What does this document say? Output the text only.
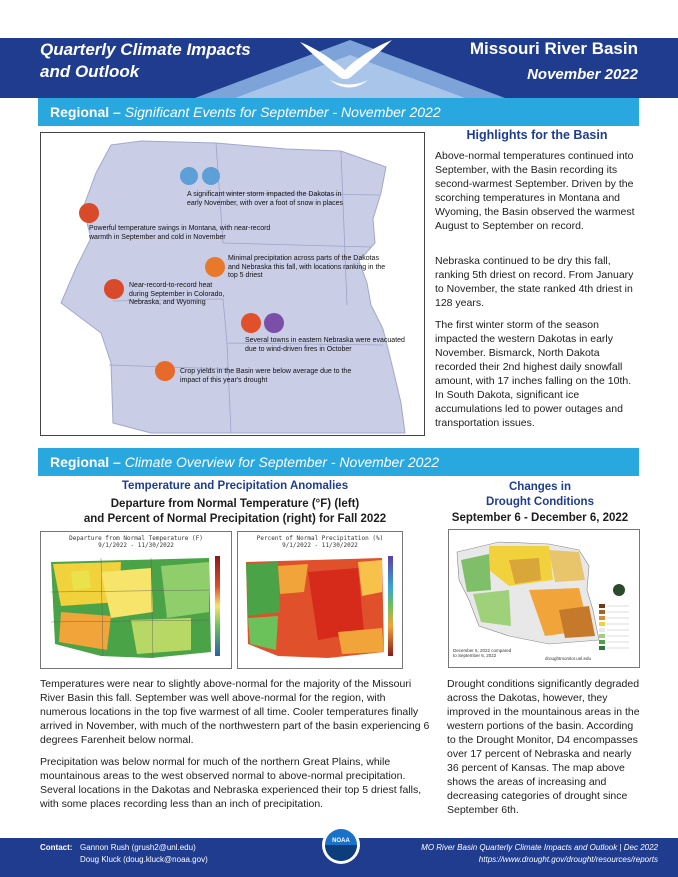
Quarterly Climate Impacts
and Outlook
Missouri River Basin
November 2022
Regional – Significant Events for September - November 2022
A significant winter storm impacted the Dakotas in early November, with over a foot of snow in places
Powerful temperature swings in Montana, with near-record warmth in September and cold in November
Minimal precipitation across parts of the Dakotas and Nebraska this fall, with locations ranking in the top 5 driest
Near-record-to-record heat during September in Colorado, Nebraska, and Wyoming
Several towns in eastern Nebraska were evacuated due to wind-driven fires in October
Crop yields in the Basin were below average due to the impact of this year's drought
Highlights for the Basin
Above-normal temperatures continued into September, with the Basin recording its second-warmest September. Driven by the scorching temperatures in Montana and Wyoming, the Basin observed the warmest August to September on record.
Nebraska continued to be dry this fall, ranking 5th driest on record. From January to November, the state ranked 4th driest in 128 years.
The first winter storm of the season impacted the western Dakotas in early November. Bismarck, North Dakota recorded their 2nd highest daily snowfall amount, with 17 inches falling on the 10th. In South Dakota, significant ice accumulations led to power outages and transportation issues.
Regional – Climate Overview for September - November 2022
Temperature and Precipitation Anomalies
Departure from Normal Temperature (°F) (left)
and Percent of Normal Precipitation (right) for Fall 2022
Departure from Normal Temperature (F)
9/1/2022 - 11/30/2022
Percent of Normal Precipitation (%)
9/1/2022 - 11/30/2022
Changes in
Drought Conditions
September 6 - December 6, 2022
December 6, 2022 compared to September 6, 2022
droughtmonitor.unl.edu
Temperatures were near to slightly above-normal for the majority of the Missouri River Basin this fall. September was well above-normal for the region, with numerous locations in the top five warmest of all time. Cooler temperatures finally arrived in November, with much of the northwestern part of the basin experiencing 6 degrees Farenheit below normal.
Precipitation was below normal for much of the northern Great Plains, while mountainous areas to the west observed normal to above-normal precipitation. Several locations in the Dakotas and Nebraska experienced their top 5 driest falls, with some places recording less than an inch of precipitation.
Drought conditions significantly degraded across the Dakotas, however, they improved in the mountainous areas in the western portions of the basin. According to the Drought Monitor, D4 encompasses over 17 percent of Nebraska and nearly 36 percent of Kansas. The map above shows the areas of increasing and decreasing categories of drought since September 6th.
Contact: Gannon Rush (grush2@unl.edu)
Doug Kluck (doug.kluck@noaa.gov)
NOAA
MO River Basin Quarterly Climate Impacts and Outlook | Dec 2022
https://www.drought.gov/drought/resources/reports
